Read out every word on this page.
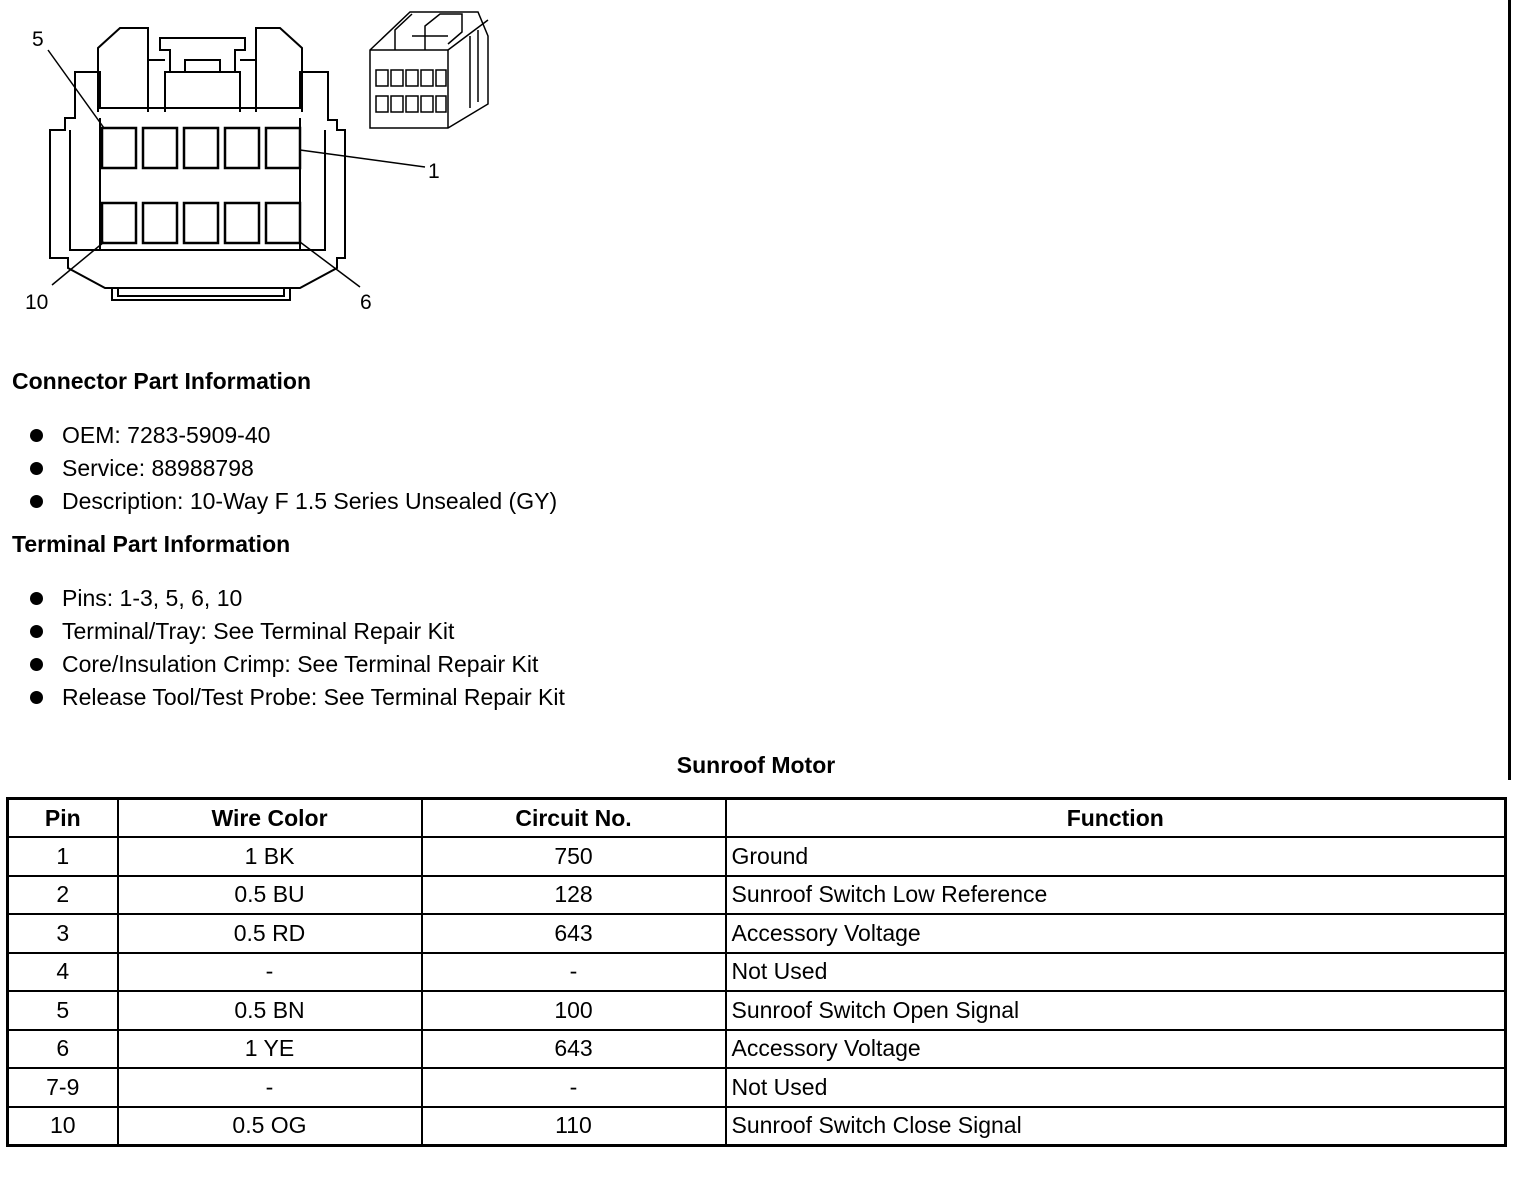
5
1
10	6
Connector Part Information
OEM: 7283-5909-40
Service: 88988798
Description: 10-Way F 1.5 Series Unsealed (GY)
Terminal Part Information
Pins: 1-3, 5, 6, 10
Terminal/Tray: See Terminal Repair Kit
Core/Insulation Crimp: See Terminal Repair Kit
Release Tool/Test Probe: See Terminal Repair Kit
Sunroof Motor
Pin	Wire Color	Circuit No.	Function
1	1 BK	750	Ground
2	0.5 BU	128	Sunroof Switch Low Reference
3	0.5 RD	643	Accessory Voltage
4	-	-	Not Used
5	0.5 BN	100	Sunroof Switch Open Signal
6	1 YE	643	Accessory Voltage
7-9	-	-	Not Used
10	0.5 OG	110	Sunroof Switch Close Signal
